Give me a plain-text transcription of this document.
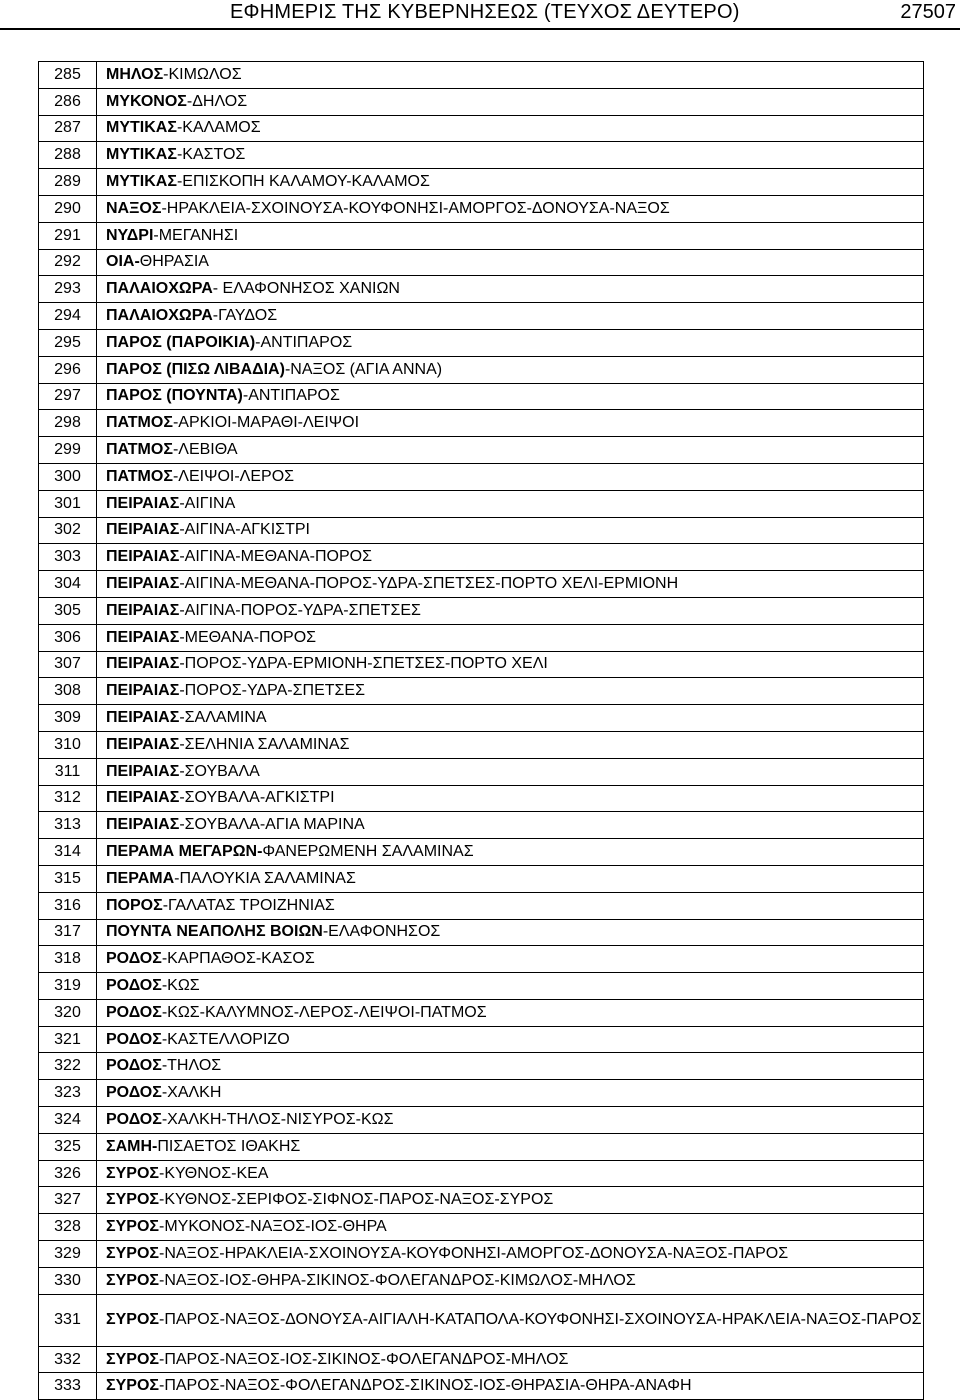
ΕΦΗΜΕΡΙΣ ΤΗΣ ΚΥΒΕΡΝΗΣΕΩΣ (ΤΕΥΧΟΣ ΔΕΥΤΕΡΟ)	27507
285	ΜΗΛΟΣ-ΚΙΜΩΛΟΣ
286	ΜΥΚΟΝΟΣ-ΔΗΛΟΣ
287	ΜΥΤΙΚΑΣ-ΚΑΛΑΜΟΣ
288	ΜΥΤΙΚΑΣ-ΚΑΣΤΟΣ
289	ΜΥΤΙΚΑΣ-ΕΠΙΣΚΟΠΗ ΚΑΛΑΜΟΥ-ΚΑΛΑΜΟΣ
290	ΝΑΞΟΣ-ΗΡΑΚΛΕΙΑ-ΣΧΟΙΝΟΥΣΑ-ΚΟΥΦΟΝΗΣΙ-ΑΜΟΡΓΟΣ-ΔΟΝΟΥΣΑ-ΝΑΞΟΣ
291	ΝΥΔΡΙ-ΜΕΓΑΝΗΣΙ
292	ΟΙΑ-ΘΗΡΑΣΙΑ
293	ΠΑΛΑΙΟΧΩΡΑ- ΕΛΑΦΟΝΗΣΟΣ ΧΑΝΙΩΝ
294	ΠΑΛΑΙΟΧΩΡΑ-ΓΑΥΔΟΣ
295	ΠΑΡΟΣ (ΠΑΡΟΙΚΙΑ)-ΑΝΤΙΠΑΡΟΣ
296	ΠΑΡΟΣ (ΠΙΣΩ ΛΙΒΑΔΙΑ)-ΝΑΞΟΣ (ΑΓΙΑ ΑΝΝΑ)
297	ΠΑΡΟΣ (ΠΟΥΝΤΑ)-ΑΝΤΙΠΑΡΟΣ
298	ΠΑΤΜΟΣ-ΑΡΚΙΟΙ-ΜΑΡΑΘΙ-ΛΕΙΨΟΙ
299	ΠΑΤΜΟΣ-ΛΕΒΙΘΑ
300	ΠΑΤΜΟΣ-ΛΕΙΨΟΙ-ΛΕΡΟΣ
301	ΠΕΙΡΑΙΑΣ-ΑΙΓΙΝΑ
302	ΠΕΙΡΑΙΑΣ-ΑΙΓΙΝΑ-ΑΓΚΙΣΤΡΙ
303	ΠΕΙΡΑΙΑΣ-ΑΙΓΙΝΑ-ΜΕΘΑΝΑ-ΠΟΡΟΣ
304	ΠΕΙΡΑΙΑΣ-ΑΙΓΙΝΑ-ΜΕΘΑΝΑ-ΠΟΡΟΣ-ΥΔΡΑ-ΣΠΕΤΣΕΣ-ΠΟΡΤΟ ΧΕΛΙ-ΕΡΜΙΟΝΗ
305	ΠΕΙΡΑΙΑΣ-ΑΙΓΙΝΑ-ΠΟΡΟΣ-ΥΔΡΑ-ΣΠΕΤΣΕΣ
306	ΠΕΙΡΑΙΑΣ-ΜΕΘΑΝΑ-ΠΟΡΟΣ
307	ΠΕΙΡΑΙΑΣ-ΠΟΡΟΣ-ΥΔΡΑ-ΕΡΜΙΟΝΗ-ΣΠΕΤΣΕΣ-ΠΟΡΤΟ ΧΕΛΙ
308	ΠΕΙΡΑΙΑΣ-ΠΟΡΟΣ-ΥΔΡΑ-ΣΠΕΤΣΕΣ
309	ΠΕΙΡΑΙΑΣ-ΣΑΛΑΜΙΝΑ
310	ΠΕΙΡΑΙΑΣ-ΣΕΛΗΝΙΑ ΣΑΛΑΜΙΝΑΣ
311	ΠΕΙΡΑΙΑΣ-ΣΟΥΒΑΛΑ
312	ΠΕΙΡΑΙΑΣ-ΣΟΥΒΑΛΑ-ΑΓΚΙΣΤΡΙ
313	ΠΕΙΡΑΙΑΣ-ΣΟΥΒΑΛΑ-ΑΓΙΑ ΜΑΡΙΝΑ
314	ΠΕΡΑΜΑ ΜΕΓΑΡΩΝ-ΦΑΝΕΡΩΜΕΝΗ ΣΑΛΑΜΙΝΑΣ
315	ΠΕΡΑΜΑ-ΠΑΛΟΥΚΙΑ ΣΑΛΑΜΙΝΑΣ
316	ΠΟΡΟΣ-ΓΑΛΑΤΑΣ ΤΡΟΙΖΗΝΙΑΣ
317	ΠΟΥΝΤΑ ΝΕΑΠΟΛΗΣ ΒΟΙΩΝ-ΕΛΑΦΟΝΗΣΟΣ
318	ΡΟΔΟΣ-ΚΑΡΠΑΘΟΣ-ΚΑΣΟΣ
319	ΡΟΔΟΣ-ΚΩΣ
320	ΡΟΔΟΣ-ΚΩΣ-ΚΑΛΥΜΝΟΣ-ΛΕΡΟΣ-ΛΕΙΨΟΙ-ΠΑΤΜΟΣ
321	ΡΟΔΟΣ-ΚΑΣΤΕΛΛΟΡΙΖΟ
322	ΡΟΔΟΣ-ΤΗΛΟΣ
323	ΡΟΔΟΣ-ΧΑΛΚΗ
324	ΡΟΔΟΣ-ΧΑΛΚΗ-ΤΗΛΟΣ-ΝΙΣΥΡΟΣ-ΚΩΣ
325	ΣΑΜΗ-ΠΙΣΑΕΤΟΣ ΙΘΑΚΗΣ
326	ΣΥΡΟΣ-ΚΥΘΝΟΣ-ΚΕΑ
327	ΣΥΡΟΣ-ΚΥΘΝΟΣ-ΣΕΡΙΦΟΣ-ΣΙΦΝΟΣ-ΠΑΡΟΣ-ΝΑΞΟΣ-ΣΥΡΟΣ
328	ΣΥΡΟΣ-ΜΥΚΟΝΟΣ-ΝΑΞΟΣ-ΙΟΣ-ΘΗΡΑ
329	ΣΥΡΟΣ-ΝΑΞΟΣ-ΗΡΑΚΛΕΙΑ-ΣΧΟΙΝΟΥΣΑ-ΚΟΥΦΟΝΗΣΙ-ΑΜΟΡΓΟΣ-ΔΟΝΟΥΣΑ-ΝΑΞΟΣ-ΠΑΡΟΣ
330	ΣΥΡΟΣ-ΝΑΞΟΣ-ΙΟΣ-ΘΗΡΑ-ΣΙΚΙΝΟΣ-ΦΟΛΕΓΑΝΔΡΟΣ-ΚΙΜΩΛΟΣ-ΜΗΛΟΣ
331	ΣΥΡΟΣ-ΠΑΡΟΣ-ΝΑΞΟΣ-ΔΟΝΟΥΣΑ-ΑΙΓΙΑΛΗ-ΚΑΤΑΠΟΛΑ-ΚΟΥΦΟΝΗΣΙ-ΣΧΟΙΝΟΥΣΑ-ΗΡΑΚΛΕΙΑ-ΝΑΞΟΣ-ΠΑΡΟΣ
332	ΣΥΡΟΣ-ΠΑΡΟΣ-ΝΑΞΟΣ-ΙΟΣ-ΣΙΚΙΝΟΣ-ΦΟΛΕΓΑΝΔΡΟΣ-ΜΗΛΟΣ
333	ΣΥΡΟΣ-ΠΑΡΟΣ-ΝΑΞΟΣ-ΦΟΛΕΓΑΝΔΡΟΣ-ΣΙΚΙΝΟΣ-ΙΟΣ-ΘΗΡΑΣΙΑ-ΘΗΡΑ-ΑΝΑΦΗ
